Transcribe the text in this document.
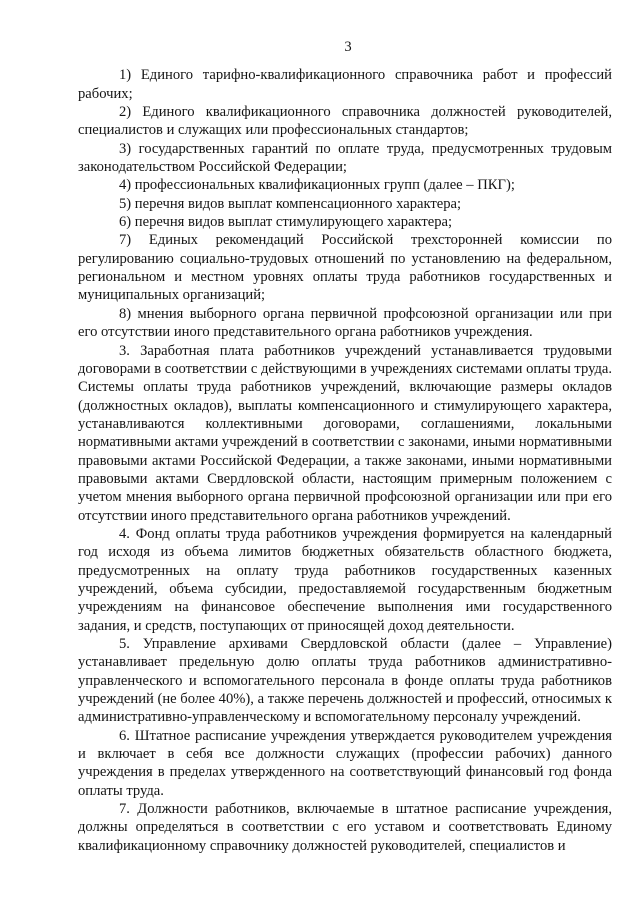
3

1) Единого тарифно-квалификационного справочника работ и профессий рабочих;

2) Единого квалификационного справочника должностей руководителей, специалистов и служащих или профессиональных стандартов;

3) государственных гарантий по оплате труда, предусмотренных трудовым законодательством Российской Федерации;

4) профессиональных квалификационных групп (далее – ПКГ);

5) перечня видов выплат компенсационного характера;

6) перечня видов выплат стимулирующего характера;

7) Единых рекомендаций Российской трехсторонней комиссии по регулированию социально-трудовых отношений по установлению на федеральном, региональном и местном уровнях оплаты труда работников государственных и муниципальных организаций;

8) мнения выборного органа первичной профсоюзной организации или при его отсутствии иного представительного органа работников учреждения.

3. Заработная плата работников учреждений устанавливается трудовыми договорами в соответствии с действующими в учреждениях системами оплаты труда. Системы оплаты труда работников учреждений, включающие размеры окладов (должностных окладов), выплаты компенсационного и стимулирующего характера, устанавливаются коллективными договорами, соглашениями, локальными нормативными актами учреждений в соответствии с законами, иными нормативными правовыми актами Российской Федерации, а также законами, иными нормативными правовыми актами Свердловской области, настоящим примерным положением с учетом мнения выборного органа первичной профсоюзной организации или при его отсутствии иного представительного органа работников учреждений.

4. Фонд оплаты труда работников учреждения формируется на календарный год исходя из объема лимитов бюджетных обязательств областного бюджета, предусмотренных на оплату труда работников государственных казенных учреждений, объема субсидии, предоставляемой государственным бюджетным учреждениям на финансовое обеспечение выполнения ими государственного задания, и средств, поступающих от приносящей доход деятельности.

5. Управление архивами Свердловской области (далее – Управление) устанавливает предельную долю оплаты труда работников административно-управленческого и вспомогательного персонала в фонде оплаты труда работников учреждений (не более 40%), а также перечень должностей и профессий, относимых к административно-управленческому и вспомогательному персоналу учреждений.

6. Штатное расписание учреждения утверждается руководителем учреждения и включает в себя все должности служащих (профессии рабочих) данного учреждения в пределах утвержденного на соответствующий финансовый год фонда оплаты труда.

7. Должности работников, включаемые в штатное расписание учреждения, должны определяться в соответствии с его уставом и соответствовать Единому квалификационному справочнику должностей руководителей, специалистов и
